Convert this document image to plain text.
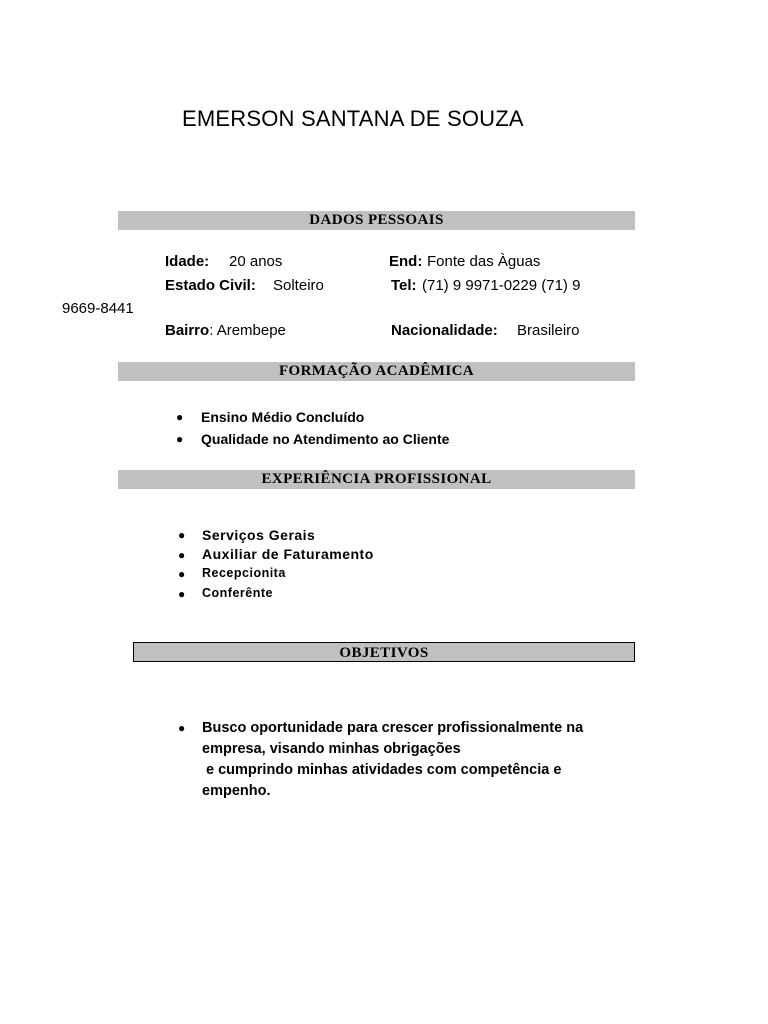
EMERSON SANTANA DE SOUZA
DADOS PESSOAIS
Idade: 20 anos	End: Fonte das Àguas
Estado Civil: Solteiro	Tel: (71) 9 9971-0229 (71) 9
9669-8441
Bairro: Arembepe	Nacionalidade: Brasileiro
FORMAÇÃO ACADÊMICA
● Ensino Médio Concluído
● Qualidade no Atendimento ao Cliente
EXPERIÊNCIA PROFISSIONAL
● Serviços Gerais
● Auxiliar de Faturamento
● Recepcionita
● Conferênte
OBJETIVOS
● Busco oportunidade para crescer profissionalmente na
empresa, visando minhas obrigações
e cumprindo minhas atividades com competência e
empenho.
